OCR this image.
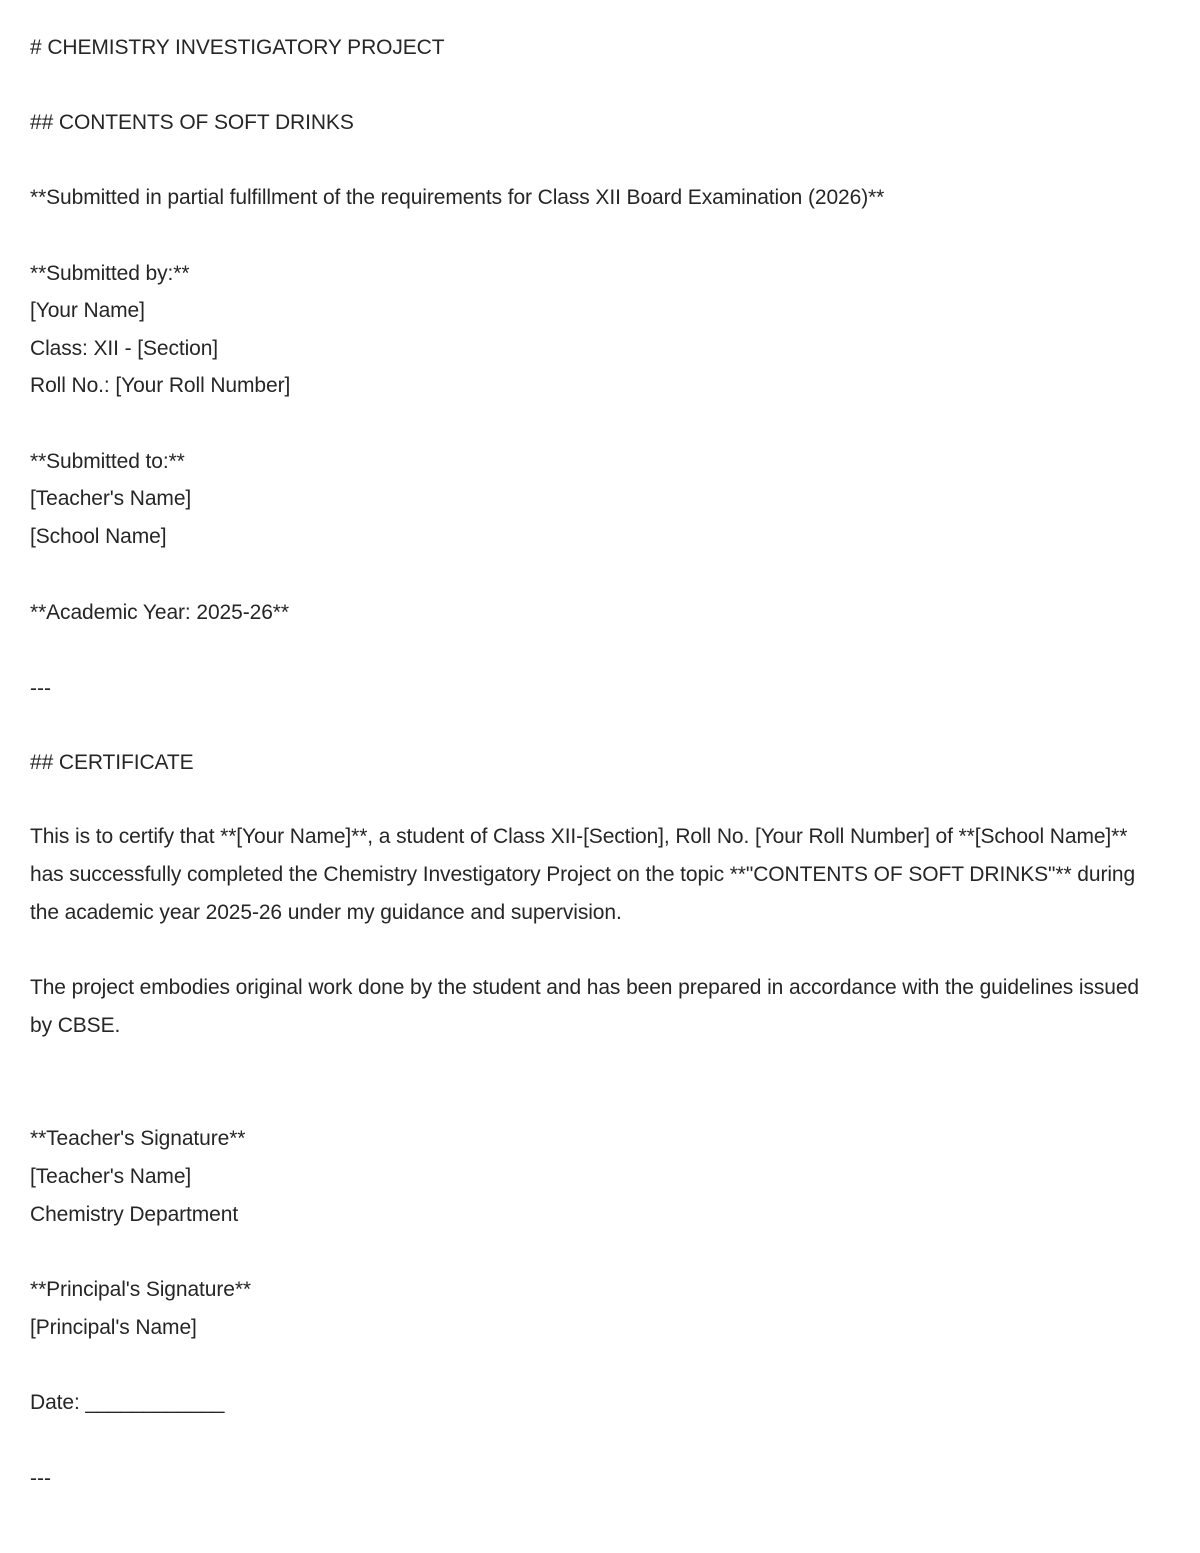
# CHEMISTRY INVESTIGATORY PROJECT
## CONTENTS OF SOFT DRINKS
**Submitted in partial fulfillment of the requirements for Class XII Board Examination (2026)**
**Submitted by:**
[Your Name]
Class: XII - [Section]
Roll No.: [Your Roll Number]
**Submitted to:**
[Teacher's Name]
[School Name]
**Academic Year: 2025-26**
---
## CERTIFICATE
This is to certify that **[Your Name]**, a student of Class XII-[Section], Roll No. [Your Roll Number] of **[School Name]** has successfully completed the Chemistry Investigatory Project on the topic **"CONTENTS OF SOFT DRINKS"** during the academic year 2025-26 under my guidance and supervision.
The project embodies original work done by the student and has been prepared in accordance with the guidelines issued by CBSE.
**Teacher's Signature**
[Teacher's Name]
Chemistry Department
**Principal's Signature**
[Principal's Name]
Date: ____________
---
